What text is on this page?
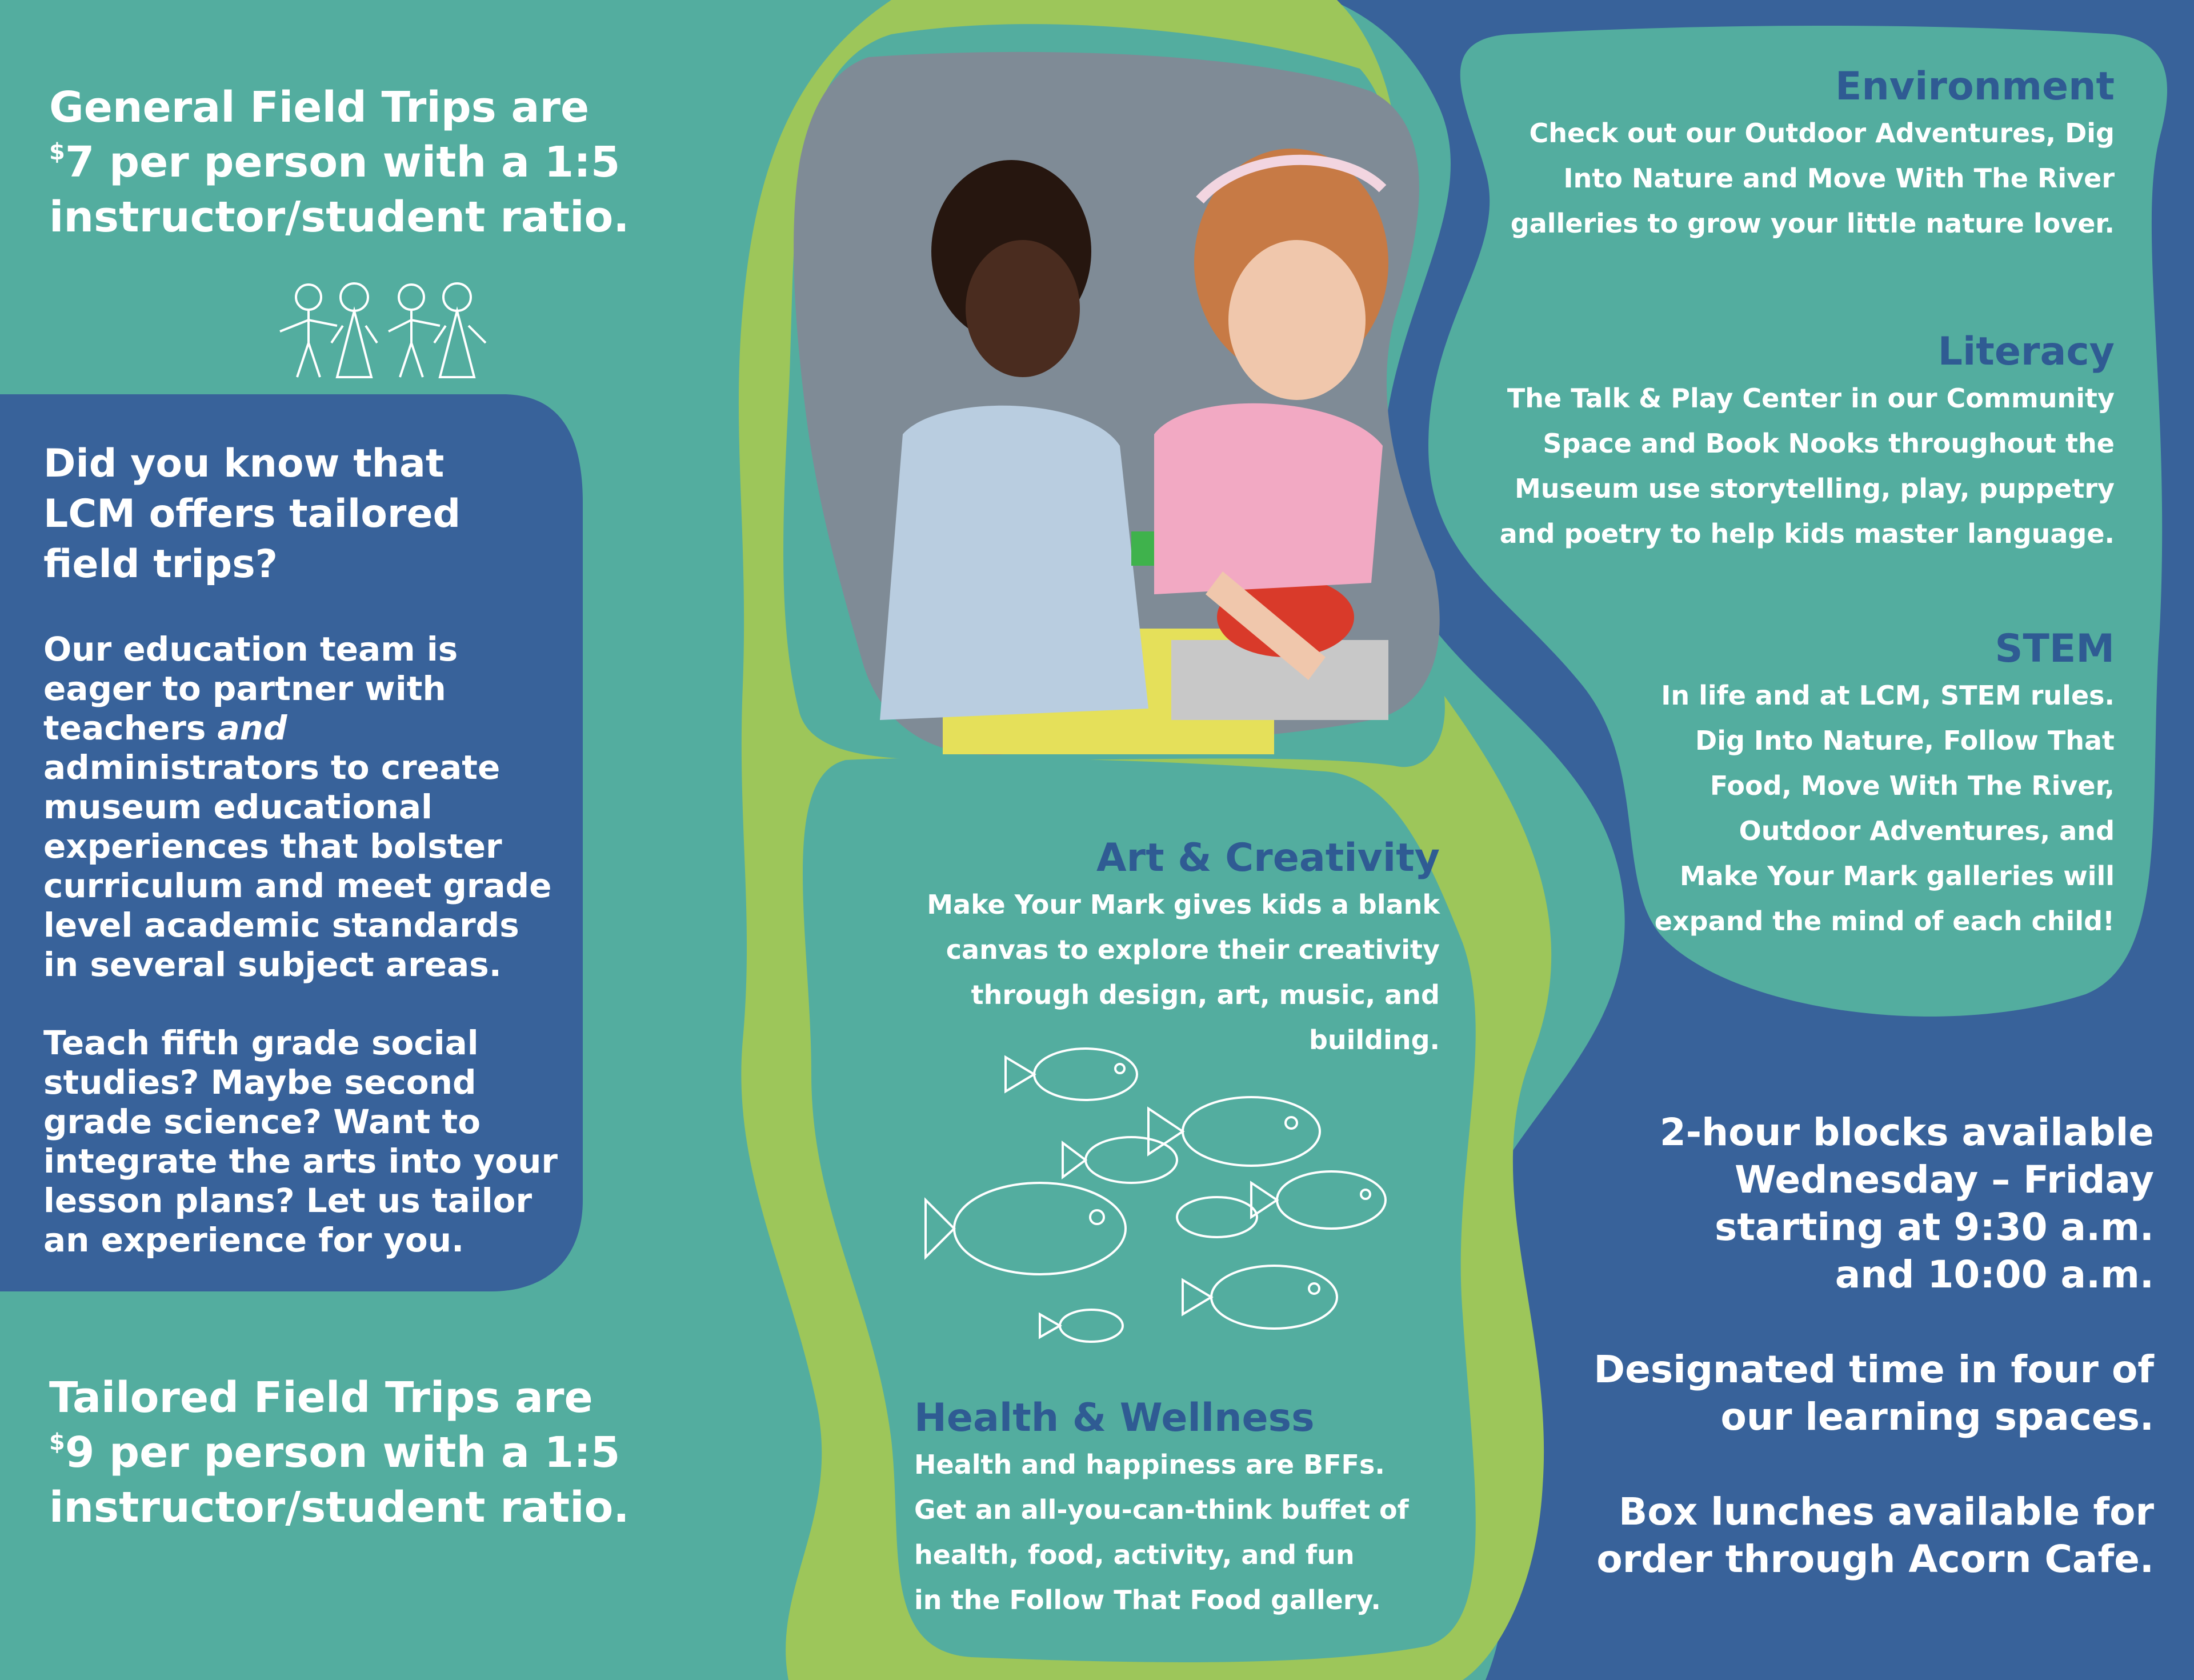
General Field Trips are
$7 per person with a 1:5
instructor/student ratio.
Did you know that
LCM offers tailored
field trips?
Our education team is
eager to partner with
teachers and
administrators to create
museum educational
experiences that bolster
curriculum and meet grade
level academic standards
in several subject areas.
Teach fifth grade social
studies? Maybe second
grade science? Want to
integrate the arts into your
lesson plans? Let us tailor
an experience for you.
Tailored Field Trips are
$9 per person with a 1:5
instructor/student ratio.
Environment
Check out our Outdoor Adventures, Dig
Into Nature and Move With The River
galleries to grow your little nature lover.
Literacy
The Talk & Play Center in our Community
Space and Book Nooks throughout the
Museum use storytelling, play, puppetry
and poetry to help kids master language.
STEM
In life and at LCM, STEM rules.
Dig Into Nature, Follow That
Food, Move With The River,
Outdoor Adventures, and
Make Your Mark galleries will
expand the mind of each child!
Art & Creativity
Make Your Mark gives kids a blank
canvas to explore their creativity
through design, art, music, and
building.
Health & Wellness
Health and happiness are BFFs.
Get an all-you-can-think buffet of
health, food, activity, and fun
in the Follow That Food gallery.

2-hour blocks available
Wednesday – Friday
starting at 9:30 a.m.
and 10:00 a.m.

Designated time in four of
our learning spaces.

Box lunches available for
order through Acorn Cafe.
